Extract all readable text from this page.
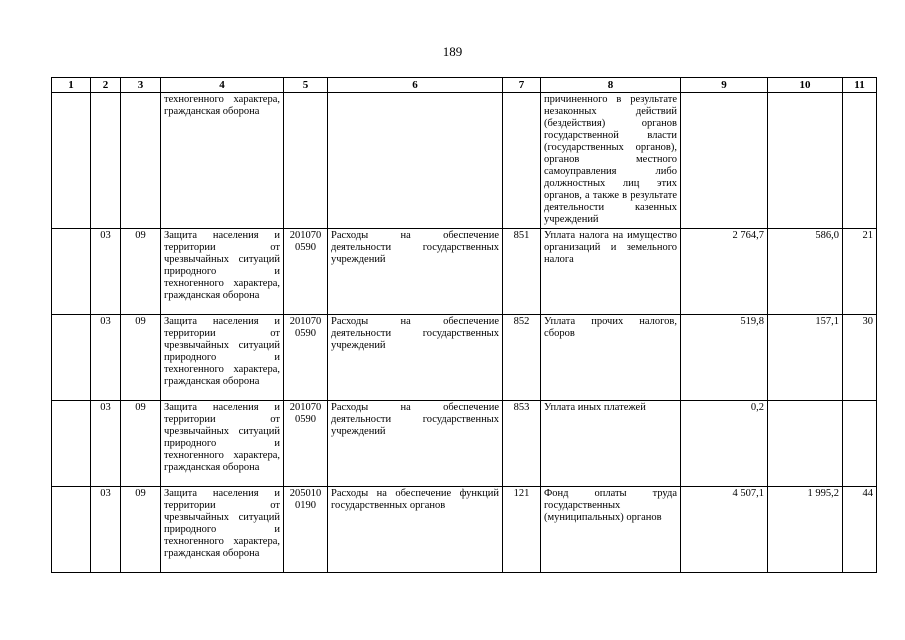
189
1	2	3	4	5	6	7	8	9	10	11
			техногенного характера, гражданская оборона				причиненного в результате незаконных действий (бездействия) органов государственной власти (государственных органов), органов местного самоуправления либо должностных лиц этих органов, а также в результате деятельности казенных учреждений			
	03	09	Защита населения и территории от чрезвычайных ситуаций природного и техногенного характера, гражданская оборона	201070 0590	Расходы на обеспечение деятельности государственных учреждений	851	Уплата налога на имущество организаций и земельного налога	2 764,7	586,0	21
	03	09	Защита населения и территории от чрезвычайных ситуаций природного и техногенного характера, гражданская оборона	201070 0590	Расходы на обеспечение деятельности государственных учреждений	852	Уплата прочих налогов, сборов	519,8	157,1	30
	03	09	Защита населения и территории от чрезвычайных ситуаций природного и техногенного характера, гражданская оборона	201070 0590	Расходы на обеспечение деятельности государственных учреждений	853	Уплата иных платежей	0,2		
	03	09	Защита населения и территории от чрезвычайных ситуаций природного и техногенного характера, гражданская оборона	205010 0190	Расходы на обеспечение функций государственных органов	121	Фонд оплаты труда государственных (муниципальных) органов	4 507,1	1 995,2	44
